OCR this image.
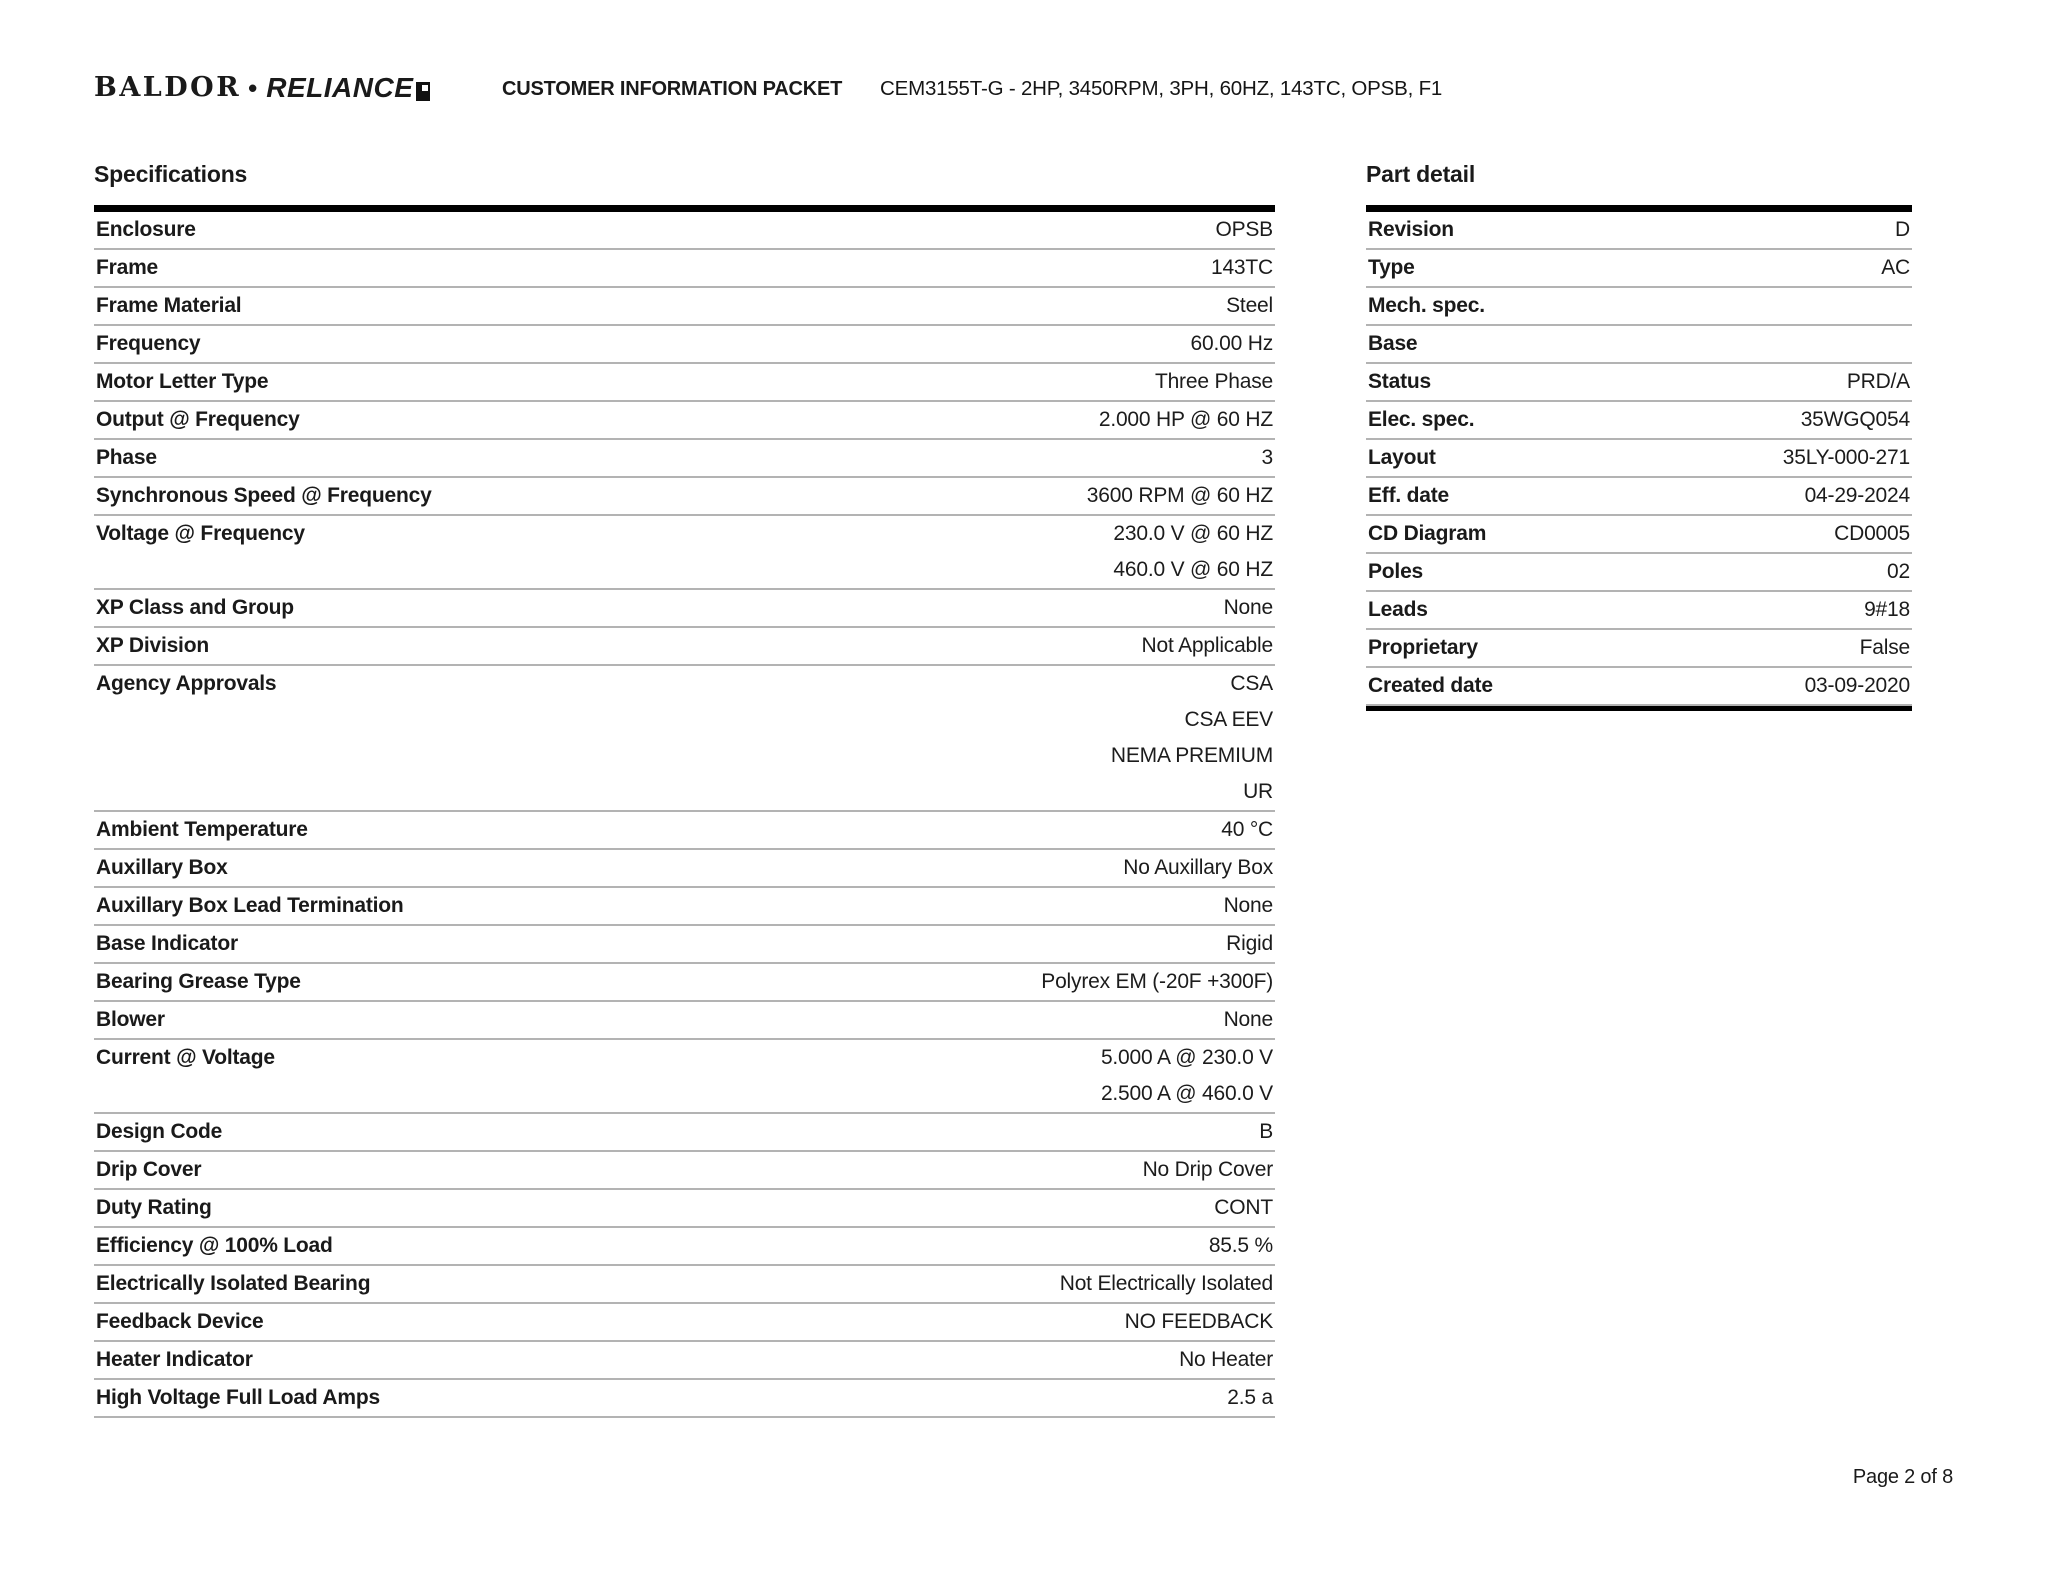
BALDOR • RELIANCE	CUSTOMER INFORMATION PACKET CEM3155T-G - 2HP, 3450RPM, 3PH, 60HZ, 143TC, OPSB, F1
Specifications
Enclosure	OPSB
Frame	143TC
Frame Material	Steel
Frequency	60.00 Hz
Motor Letter Type	Three Phase
Output @ Frequency	2.000 HP @ 60 HZ
Phase	3
Synchronous Speed @ Frequency	3600 RPM @ 60 HZ
Voltage @ Frequency	230.0 V @ 60 HZ
460.0 V @ 60 HZ
XP Class and Group	None
XP Division	Not Applicable
Agency Approvals	CSA
CSA EEV
NEMA PREMIUM
UR
Ambient Temperature	40 °C
Auxillary Box	No Auxillary Box
Auxillary Box Lead Termination	None
Base Indicator	Rigid
Bearing Grease Type	Polyrex EM (-20F +300F)
Blower	None
Current @ Voltage	5.000 A @ 230.0 V
2.500 A @ 460.0 V
Design Code	B
Drip Cover	No Drip Cover
Duty Rating	CONT
Efficiency @ 100% Load	85.5 %
Electrically Isolated Bearing	Not Electrically Isolated
Feedback Device	NO FEEDBACK
Heater Indicator	No Heater
High Voltage Full Load Amps	2.5 a
Part detail
Revision	D
Type	AC
Mech. spec.
Base
Status	PRD/A
Elec. spec.	35WGQ054
Layout	35LY-000-271
Eff. date	04-29-2024
CD Diagram	CD0005
Poles	02
Leads	9#18
Proprietary	False
Created date	03-09-2020
Page 2 of 8
